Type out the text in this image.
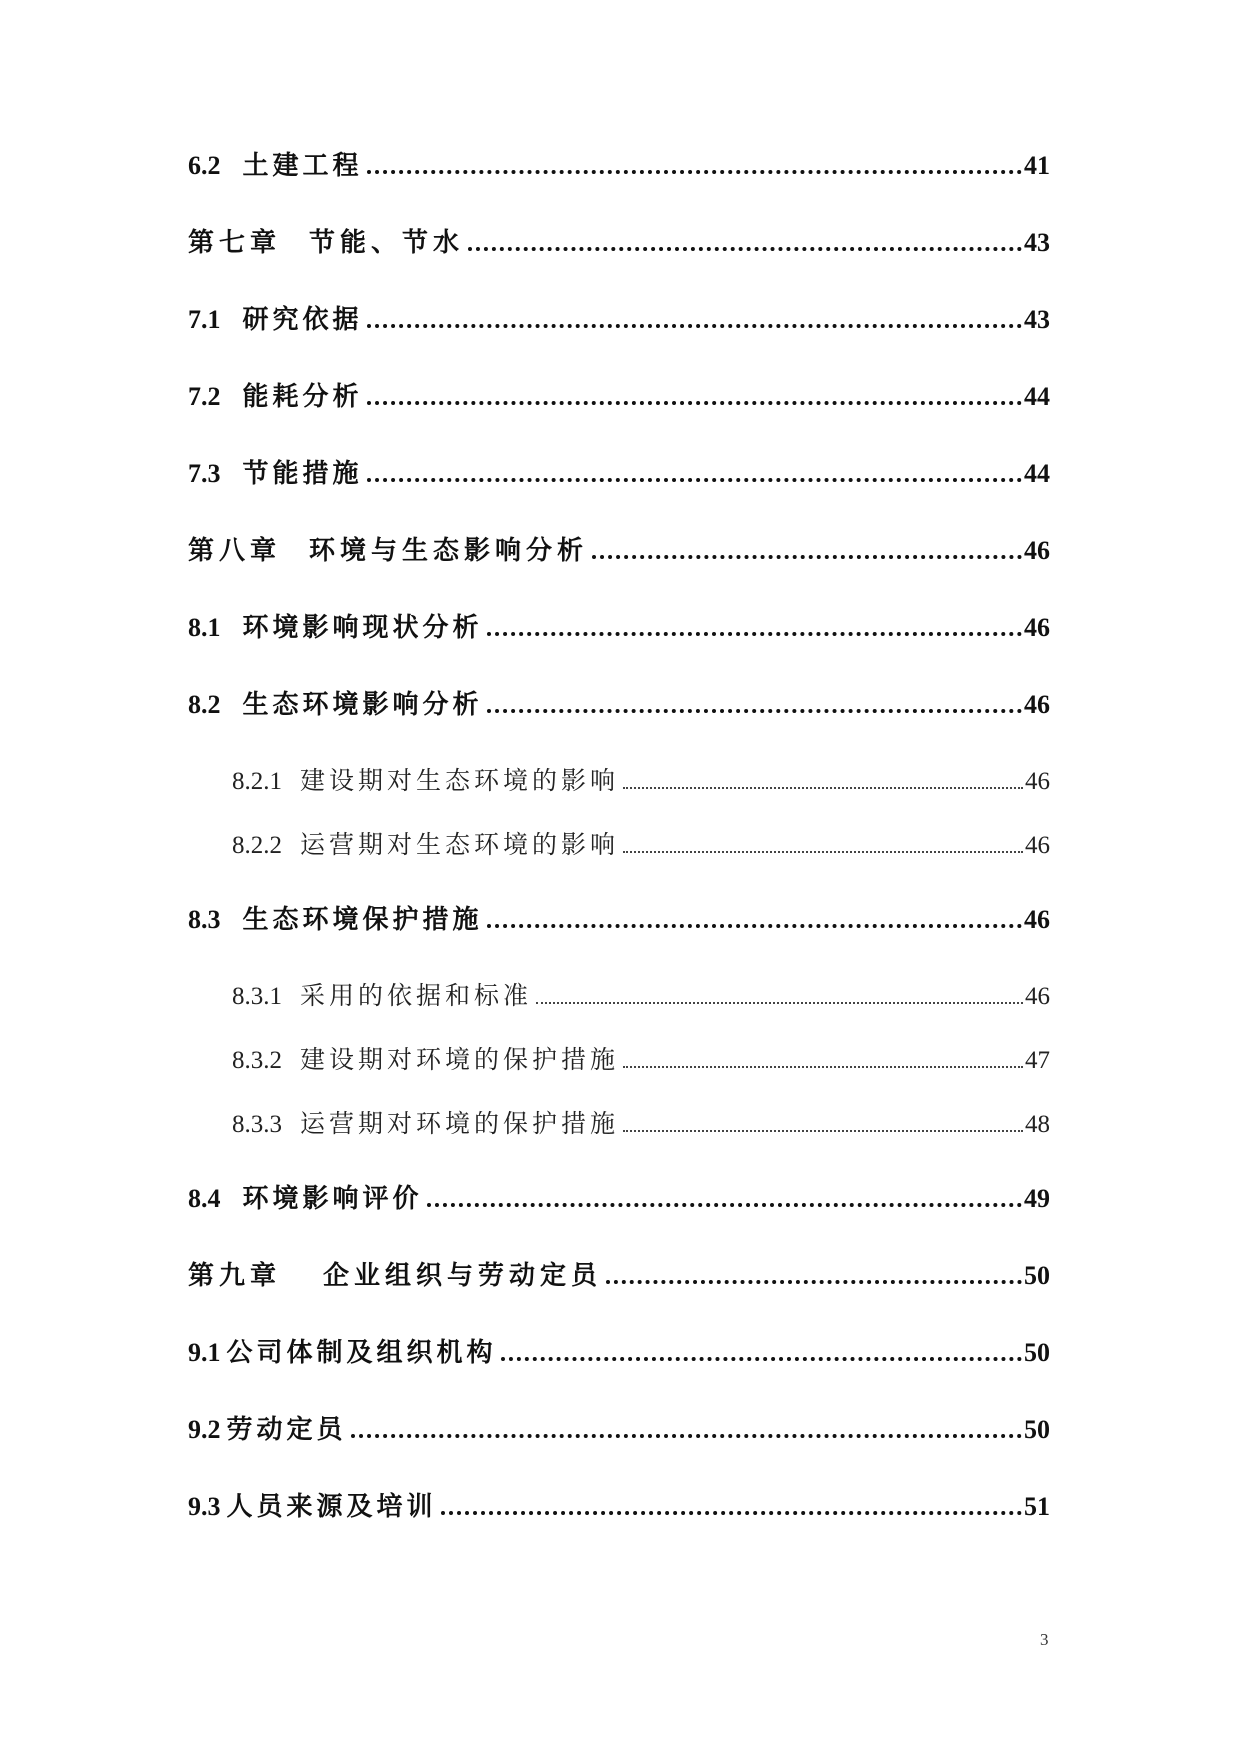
6.2 土建工程	41
第七章 节能、节水	43
7.1 研究依据	43
7.2 能耗分析	44
7.3 节能措施	44
第八章 环境与生态影响分析	46
8.1 环境影响现状分析	46
8.2 生态环境影响分析	46
8.2.1 建设期对生态环境的影响	46
8.2.2 运营期对生态环境的影响	46
8.3 生态环境保护措施	46
8.3.1 采用的依据和标准	46
8.3.2 建设期对环境的保护措施	47
8.3.3 运营期对环境的保护措施	48
8.4 环境影响评价	49
第九章 企业组织与劳动定员	50
9.1 公司体制及组织机构	50
9.2 劳动定员	50
9.3 人员来源及培训	51
3
